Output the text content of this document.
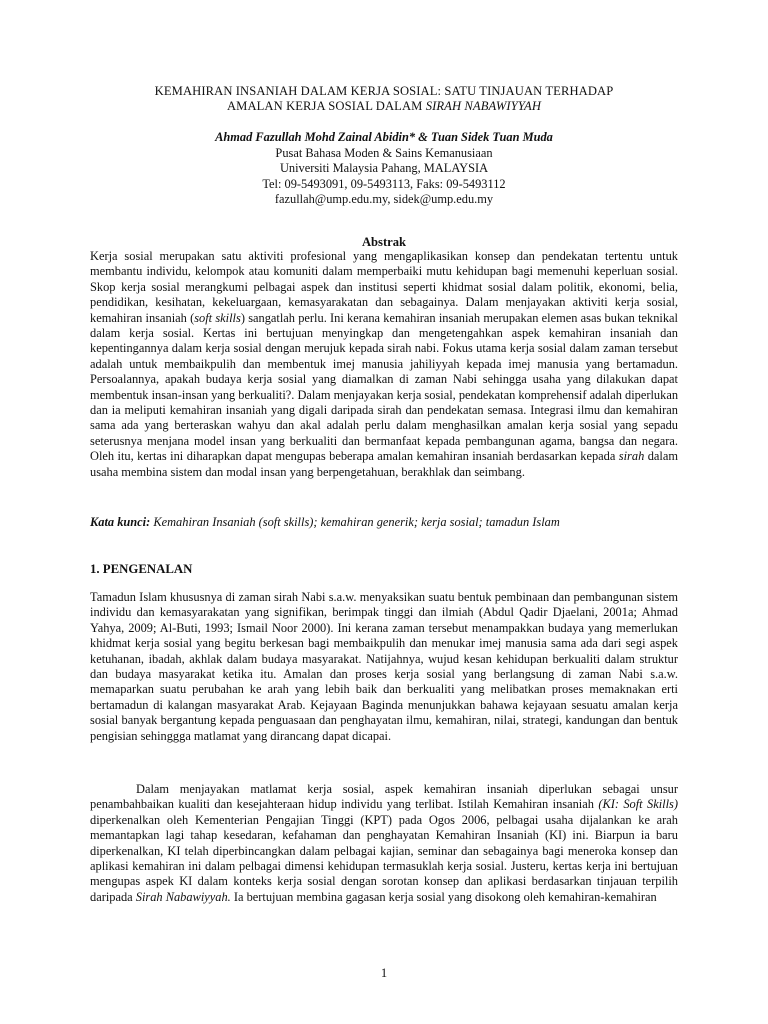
KEMAHIRAN INSANIAH DALAM KERJA SOSIAL: SATU TINJAUAN TERHADAP
AMALAN KERJA SOSIAL DALAM SIRAH NABAWIYYAH
Ahmad Fazullah Mohd Zainal Abidin* & Tuan Sidek Tuan Muda
Pusat Bahasa Moden & Sains Kemanusiaan
Universiti Malaysia Pahang, MALAYSIA
Tel: 09-5493091, 09-5493113, Faks: 09-5493112
fazullah@ump.edu.my, sidek@ump.edu.my
Abstrak
Kerja sosial merupakan satu aktiviti profesional yang mengaplikasikan konsep dan pendekatan tertentu untuk membantu individu, kelompok atau komuniti dalam memperbaiki mutu kehidupan bagi memenuhi keperluan sosial. Skop kerja sosial merangkumi pelbagai aspek dan institusi seperti khidmat sosial dalam politik, ekonomi, belia, pendidikan, kesihatan, kekeluargaan, kemasyarakatan dan sebagainya. Dalam menjayakan aktiviti kerja sosial, kemahiran insaniah (soft skills) sangatlah perlu. Ini kerana kemahiran insaniah merupakan elemen asas bukan teknikal dalam kerja sosial. Kertas ini bertujuan menyingkap dan mengetengahkan aspek kemahiran insaniah dan kepentingannya dalam kerja sosial dengan merujuk kepada sirah nabi. Fokus utama kerja sosial dalam zaman tersebut adalah untuk membaikpulih dan membentuk imej manusia jahiliyyah kepada imej manusia yang bertamadun. Persoalannya, apakah budaya kerja sosial yang diamalkan di zaman Nabi sehingga usaha yang dilakukan dapat membentuk insan-insan yang berkualiti?. Dalam menjayakan kerja sosial, pendekatan komprehensif adalah diperlukan dan ia meliputi kemahiran insaniah yang digali daripada sirah dan pendekatan semasa. Integrasi ilmu dan kemahiran sama ada yang berteraskan wahyu dan akal adalah perlu dalam menghasilkan amalan kerja sosial yang sepadu seterusnya menjana model insan yang berkualiti dan bermanfaat kepada pembangunan agama, bangsa dan negara. Oleh itu, kertas ini diharapkan dapat mengupas beberapa amalan kemahiran insaniah berdasarkan kepada sirah dalam usaha membina sistem dan modal insan yang berpengetahuan, berakhlak dan seimbang.
Kata kunci: Kemahiran Insaniah (soft skills); kemahiran generik; kerja sosial; tamadun Islam
1. PENGENALAN
Tamadun Islam khususnya di zaman sirah Nabi s.a.w. menyaksikan suatu bentuk pembinaan dan pembangunan sistem individu dan kemasyarakatan yang signifikan, berimpak tinggi dan ilmiah (Abdul Qadir Djaelani, 2001a; Ahmad Yahya, 2009; Al-Buti, 1993; Ismail Noor 2000). Ini kerana zaman tersebut menampakkan budaya yang memerlukan khidmat kerja sosial yang begitu berkesan bagi membaikpulih dan menukar imej manusia sama ada dari segi aspek ketuhanan, ibadah, akhlak dalam budaya masyarakat. Natijahnya, wujud kesan kehidupan berkualiti dalam struktur dan budaya masyarakat ketika itu. Amalan dan proses kerja sosial yang berlangsung di zaman Nabi s.a.w. memaparkan suatu perubahan ke arah yang lebih baik dan berkualiti yang melibatkan proses memaknakan erti bertamadun di kalangan masyarakat Arab. Kejayaan Baginda menunjukkan bahawa kejayaan sesuatu amalan kerja sosial banyak bergantung kepada penguasaan dan penghayatan ilmu, kemahiran, nilai, strategi, kandungan dan bentuk pengisian sehinggga matlamat yang dirancang dapat dicapai.
Dalam menjayakan matlamat kerja sosial, aspek kemahiran insaniah diperlukan sebagai unsur penambahbaikan kualiti dan kesejahteraan hidup individu yang terlibat. Istilah Kemahiran insaniah (KI: Soft Skills) diperkenalkan oleh Kementerian Pengajian Tinggi (KPT) pada Ogos 2006, pelbagai usaha dijalankan ke arah memantapkan lagi tahap kesedaran, kefahaman dan penghayatan Kemahiran Insaniah (KI) ini. Biarpun ia baru diperkenalkan, KI telah diperbincangkan dalam pelbagai kajian, seminar dan sebagainya bagi meneroka konsep dan aplikasi kemahiran ini dalam pelbagai dimensi kehidupan termasuklah kerja sosial. Justeru, kertas kerja ini bertujuan mengupas aspek KI dalam konteks kerja sosial dengan sorotan konsep dan aplikasi berdasarkan tinjauan terpilih daripada Sirah Nabawiyyah. Ia bertujuan membina gagasan kerja sosial yang disokong oleh kemahiran-kemahiran
1
